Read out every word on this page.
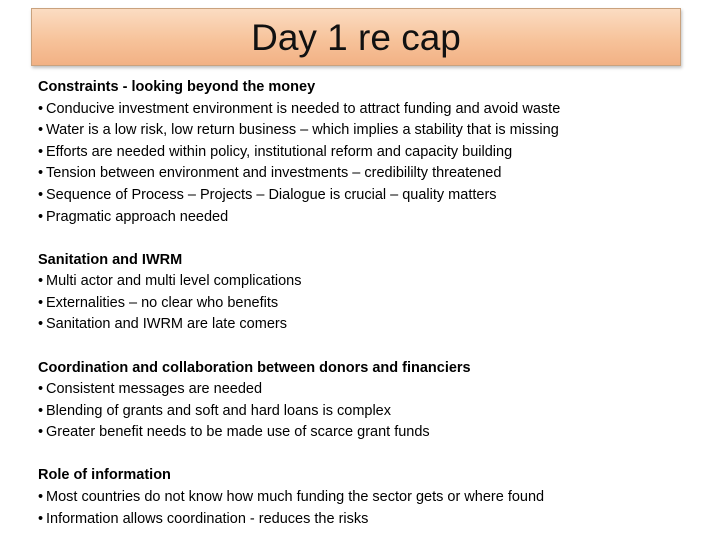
Day 1 re cap
Constraints - looking beyond the money
• Conducive investment environment is needed to attract funding and avoid waste
• Water is a low risk, low return business – which implies a stability that is missing
• Efforts are needed within policy, institutional reform and capacity building
• Tension between environment and investments – credibililty threatened
• Sequence of Process – Projects – Dialogue is crucial – quality matters
• Pragmatic approach needed
Sanitation and IWRM
• Multi actor and multi level complications
• Externalities – no clear who benefits
• Sanitation and IWRM are late comers
Coordination and collaboration between donors and financiers
• Consistent messages are needed
• Blending of grants and soft and hard loans is complex
• Greater benefit needs to be made use of scarce grant funds
Role of information
• Most countries do not know how much funding the sector gets or where found
• Information allows coordination - reduces the risks
